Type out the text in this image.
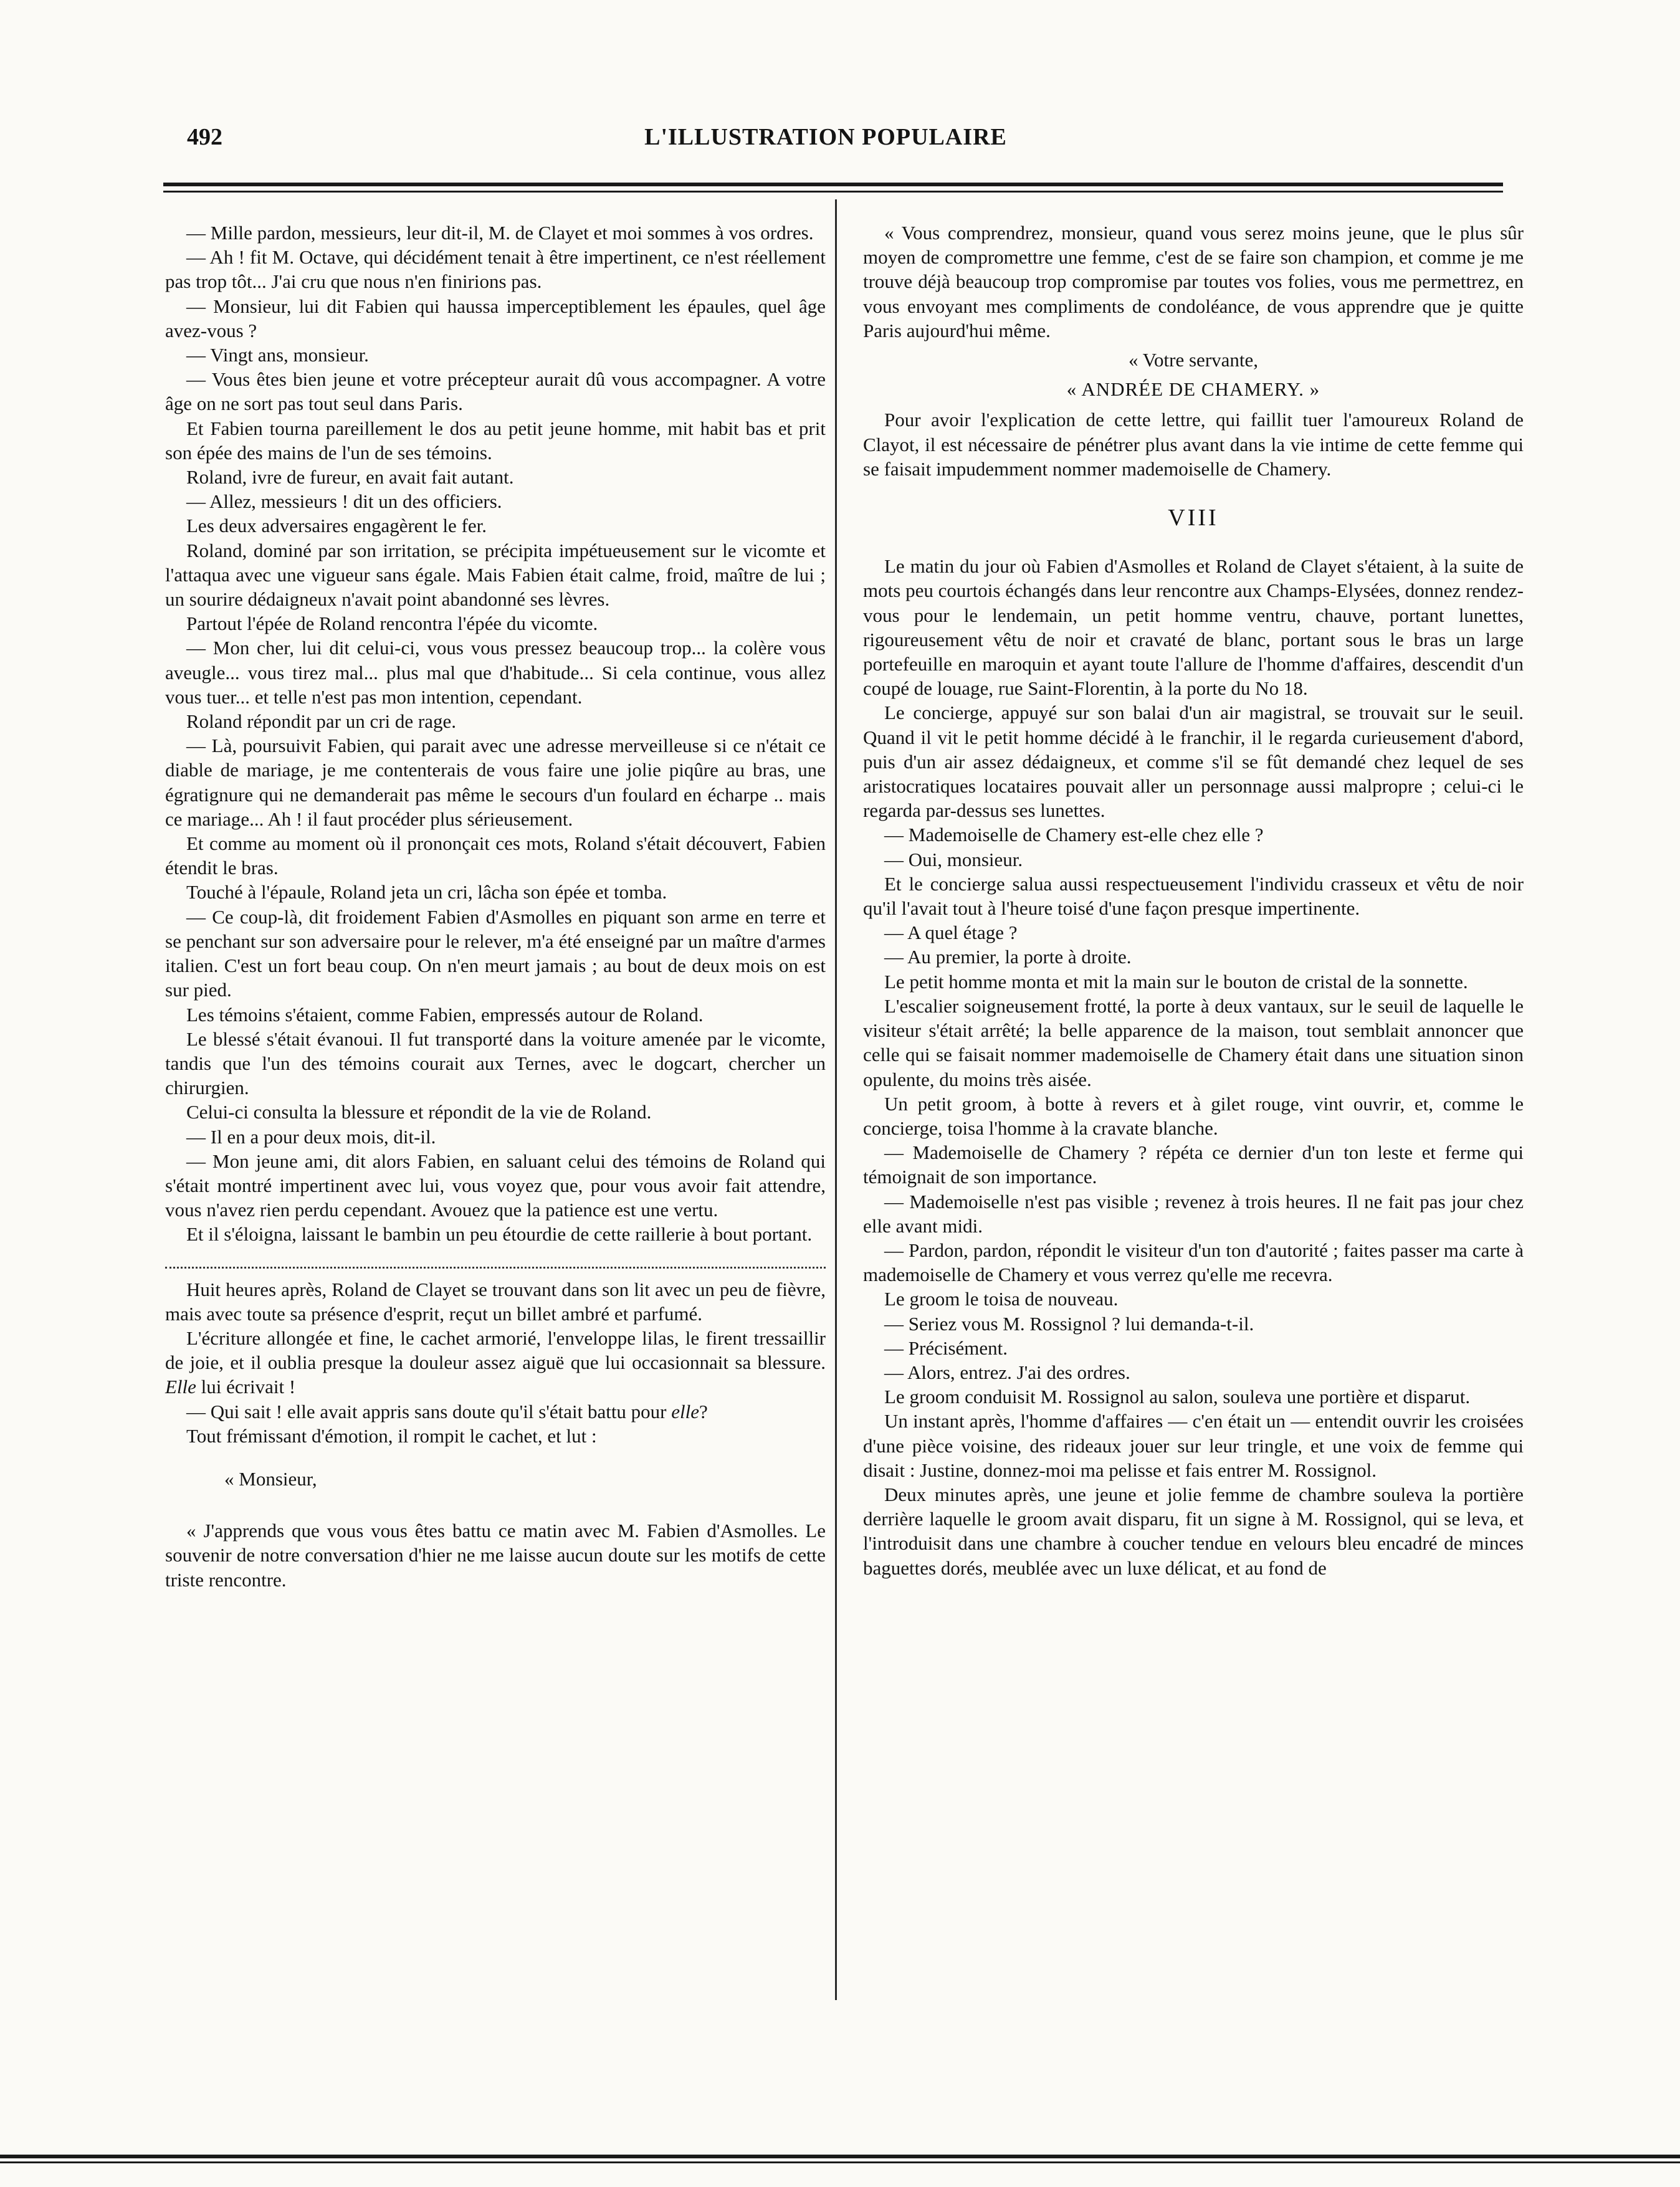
492	L'ILLUSTRATION POPULAIRE

— Mille pardon, messieurs, leur dit-il, M. de Clayet et moi sommes à vos ordres.

— Ah ! fit M. Octave, qui décidément tenait à être impertinent, ce n'est réellement pas trop tôt... J'ai cru que nous n'en finirions pas.

— Monsieur, lui dit Fabien qui haussa imperceptiblement les épaules, quel âge avez-vous ?

— Vingt ans, monsieur.

— Vous êtes bien jeune et votre précepteur aurait dû vous accompagner. A votre âge on ne sort pas tout seul dans Paris.

Et Fabien tourna pareillement le dos au petit jeune homme, mit habit bas et prit son épée des mains de l'un de ses témoins.

Roland, ivre de fureur, en avait fait autant.

— Allez, messieurs ! dit un des officiers.

Les deux adversaires engagèrent le fer.

Roland, dominé par son irritation, se précipita impétueusement sur le vicomte et l'attaqua avec une vigueur sans égale. Mais Fabien était calme, froid, maître de lui ; un sourire dédaigneux n'avait point abandonné ses lèvres.

Partout l'épée de Roland rencontra l'épée du vicomte.

— Mon cher, lui dit celui-ci, vous vous pressez beaucoup trop... la colère vous aveugle... vous tirez mal... plus mal que d'habitude... Si cela continue, vous allez vous tuer... et telle n'est pas mon intention, cependant.

Roland répondit par un cri de rage.

— Là, poursuivit Fabien, qui parait avec une adresse merveilleuse si ce n'était ce diable de mariage, je me contenterais de vous faire une jolie piqûre au bras, une égratignure qui ne demanderait pas même le secours d'un foulard en écharpe .. mais ce mariage... Ah ! il faut procéder plus sérieusement.

Et comme au moment où il prononçait ces mots, Roland s'était découvert, Fabien étendit le bras.

Touché à l'épaule, Roland jeta un cri, lâcha son épée et tomba.

— Ce coup-là, dit froidement Fabien d'Asmolles en piquant son arme en terre et se penchant sur son adversaire pour le relever, m'a été enseigné par un maître d'armes italien. C'est un fort beau coup. On n'en meurt jamais ; au bout de deux mois on est sur pied.

Les témoins s'étaient, comme Fabien, empressés autour de Roland.

Le blessé s'était évanoui. Il fut transporté dans la voiture amenée par le vicomte, tandis que l'un des témoins courait aux Ternes, avec le dogcart, chercher un chirurgien.

Celui-ci consulta la blessure et répondit de la vie de Roland.

— Il en a pour deux mois, dit-il.

— Mon jeune ami, dit alors Fabien, en saluant celui des témoins de Roland qui s'était montré impertinent avec lui, vous voyez que, pour vous avoir fait attendre, vous n'avez rien perdu cependant. Avouez que la patience est une vertu.

Et il s'éloigna, laissant le bambin un peu étourdie de cette raillerie à bout portant.

Huit heures après, Roland de Clayet se trouvant dans son lit avec un peu de fièvre, mais avec toute sa présence d'esprit, reçut un billet ambré et parfumé.

L'écriture allongée et fine, le cachet armorié, l'enveloppe lilas, le firent tressaillir de joie, et il oublia presque la douleur assez aiguë que lui occasionnait sa blessure. Elle lui écrivait !

— Qui sait ! elle avait appris sans doute qu'il s'était battu pour elle?

Tout frémissant d'émotion, il rompit le cachet, et lut :

« Monsieur,

« J'apprends que vous vous êtes battu ce matin avec M. Fabien d'Asmolles. Le souvenir de notre conversation d'hier ne me laisse aucun doute sur les motifs de cette triste rencontre.

« Vous comprendrez, monsieur, quand vous serez moins jeune, que le plus sûr moyen de compromettre une femme, c'est de se faire son champion, et comme je me trouve déjà beaucoup trop compromise par toutes vos folies, vous me permettrez, en vous envoyant mes compliments de condoléance, de vous apprendre que je quitte Paris aujourd'hui même.

« Votre servante,

« ANDRÉE DE CHAMERY. »

Pour avoir l'explication de cette lettre, qui faillit tuer l'amoureux Roland de Clayot, il est nécessaire de pénétrer plus avant dans la vie intime de cette femme qui se faisait impudemment nommer mademoiselle de Chamery.

VIII

Le matin du jour où Fabien d'Asmolles et Roland de Clayet s'étaient, à la suite de mots peu courtois échangés dans leur rencontre aux Champs-Elysées, donnez rendez-vous pour le lendemain, un petit homme ventru, chauve, portant lunettes, rigoureusement vêtu de noir et cravaté de blanc, portant sous le bras un large portefeuille en maroquin et ayant toute l'allure de l'homme d'affaires, descendit d'un coupé de louage, rue Saint-Florentin, à la porte du No 18.

Le concierge, appuyé sur son balai d'un air magistral, se trouvait sur le seuil. Quand il vit le petit homme décidé à le franchir, il le regarda curieusement d'abord, puis d'un air assez dédaigneux, et comme s'il se fût demandé chez lequel de ses aristocratiques locataires pouvait aller un personnage aussi malpropre ; celui-ci le regarda par-dessus ses lunettes.

— Mademoiselle de Chamery est-elle chez elle ?

— Oui, monsieur.

Et le concierge salua aussi respectueusement l'individu crasseux et vêtu de noir qu'il l'avait tout à l'heure toisé d'une façon presque impertinente.

— A quel étage ?

— Au premier, la porte à droite.

Le petit homme monta et mit la main sur le bouton de cristal de la sonnette.

L'escalier soigneusement frotté, la porte à deux vantaux, sur le seuil de laquelle le visiteur s'était arrêté; la belle apparence de la maison, tout semblait annoncer que celle qui se faisait nommer mademoiselle de Chamery était dans une situation sinon opulente, du moins très aisée.

Un petit groom, à botte à revers et à gilet rouge, vint ouvrir, et, comme le concierge, toisa l'homme à la cravate blanche.

— Mademoiselle de Chamery ? répéta ce dernier d'un ton leste et ferme qui témoignait de son importance.

— Mademoiselle n'est pas visible ; revenez à trois heures. Il ne fait pas jour chez elle avant midi.

— Pardon, pardon, répondit le visiteur d'un ton d'autorité ; faites passer ma carte à mademoiselle de Chamery et vous verrez qu'elle me recevra.

Le groom le toisa de nouveau.

— Seriez vous M. Rossignol ? lui demanda-t-il.

— Précisément.

— Alors, entrez. J'ai des ordres.

Le groom conduisit M. Rossignol au salon, souleva une portière et disparut.

Un instant après, l'homme d'affaires — c'en était un — entendit ouvrir les croisées d'une pièce voisine, des rideaux jouer sur leur tringle, et une voix de femme qui disait : Justine, donnez-moi ma pelisse et fais entrer M. Rossignol.

Deux minutes après, une jeune et jolie femme de chambre souleva la portière derrière laquelle le groom avait disparu, fit un signe à M. Rossignol, qui se leva, et l'introduisit dans une chambre à coucher tendue en velours bleu encadré de minces baguettes dorés, meublée avec un luxe délicat, et au fond de
